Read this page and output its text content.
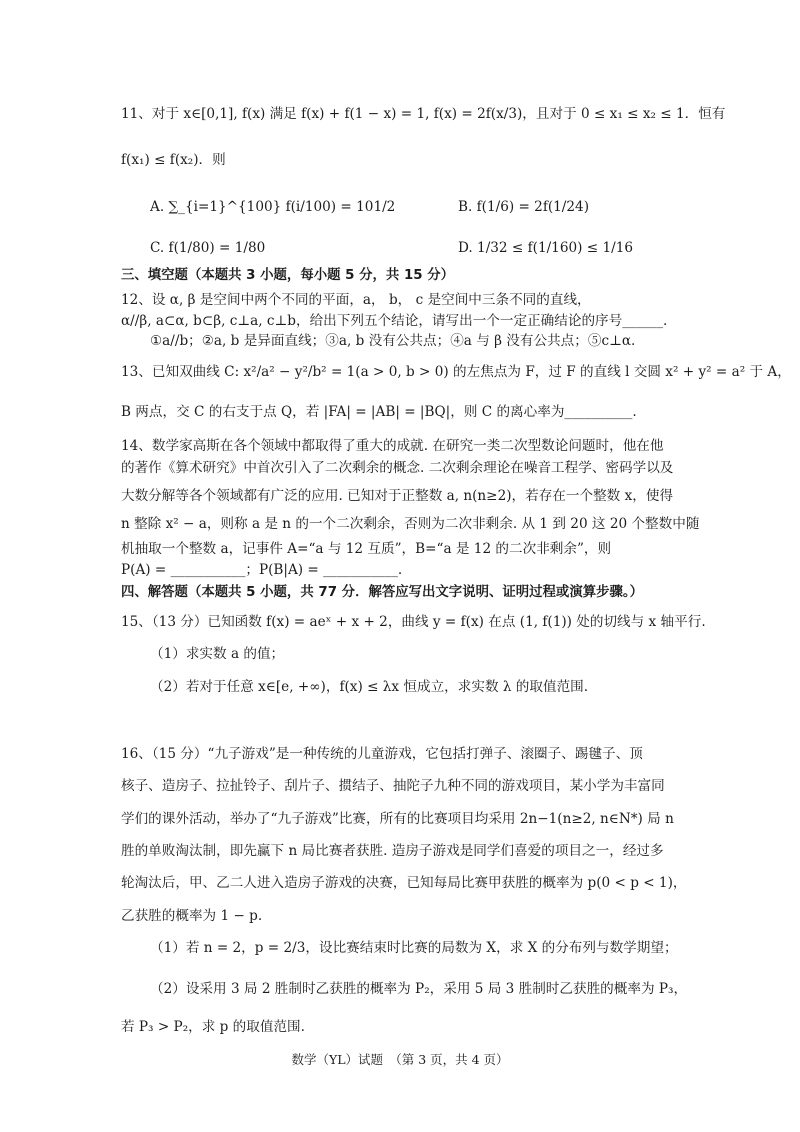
11、对于 x∈[0,1], f(x) 满足 f(x) + f(1 − x) = 1, f(x) = 2f(x/3)，且对于 0 ≤ x₁ ≤ x₂ ≤ 1．恒有
f(x₁) ≤ f(x₂)．则
A. ∑_{i=1}^{100} f(i/100) = 101/2	B. f(1/6) = 2f(1/24)
C. f(1/80) = 1/80	D. 1/32 ≤ f(1/160) ≤ 1/16
三、填空题（本题共 3 小题，每小题 5 分，共 15 分）
12、设 α, β 是空间中两个不同的平面，a， b， c 是空间中三条不同的直线，
α//β, a⊂α, b⊂β, c⊥a, c⊥b，给出下列五个结论，请写出一个一定正确结论的序号______.
①a//b；②a, b 是异面直线；③a, b 没有公共点；④a 与 β 没有公共点；⑤c⊥α.
13、已知双曲线 C: x²/a² − y²/b² = 1(a > 0, b > 0) 的左焦点为 F，过 F 的直线 l 交圆 x² + y² = a² 于 A，
B 两点，交 C 的右支于点 Q，若 |FA| = |AB| = |BQ|，则 C 的离心率为__________.
14、数学家高斯在各个领域中都取得了重大的成就. 在研究一类二次型数论问题时，他在他
的著作《算术研究》中首次引入了二次剩余的概念. 二次剩余理论在噪音工程学、密码学以及
大数分解等各个领域都有广泛的应用. 已知对于正整数 a, n(n≥2)，若存在一个整数 x，使得
n 整除 x² − a，则称 a 是 n 的一个二次剩余，否则为二次非剩余. 从 1 到 20 这 20 个整数中随
机抽取一个整数 a，记事件 A=“a 与 12 互质”，B=“a 是 12 的二次非剩余”，则
P(A) = ___________；P(B|A) = ___________.
四、解答题（本题共 5 小题，共 77 分．解答应写出文字说明、证明过程或演算步骤。）
15、（13 分）已知函数 f(x) = aeˣ + x + 2，曲线 y = f(x) 在点 (1, f(1)) 处的切线与 x 轴平行.
（1）求实数 a 的值；
（2）若对于任意 x∈[e, +∞)，f(x) ≤ λx 恒成立，求实数 λ 的取值范围.
16、（15 分）“九子游戏”是一种传统的儿童游戏，它包括打弹子、滚圈子、踢毽子、顶
核子、造房子、拉扯铃子、刮片子、掼结子、抽陀子九种不同的游戏项目，某小学为丰富同
学们的课外活动，举办了“九子游戏”比赛，所有的比赛项目均采用 2n−1(n≥2, n∈N*) 局 n
胜的单败淘汰制，即先赢下 n 局比赛者获胜. 造房子游戏是同学们喜爱的项目之一，经过多
轮淘汰后，甲、乙二人进入造房子游戏的决赛，已知每局比赛甲获胜的概率为 p(0 < p < 1)，
乙获胜的概率为 1 − p.
（1）若 n = 2，p = 2/3，设比赛结束时比赛的局数为 X，求 X 的分布列与数学期望；
（2）设采用 3 局 2 胜制时乙获胜的概率为 P₂，采用 5 局 3 胜制时乙获胜的概率为 P₃，
若 P₃ > P₂，求 p 的取值范围.
数学（YL）试题　（第 3 页，共 4 页）
